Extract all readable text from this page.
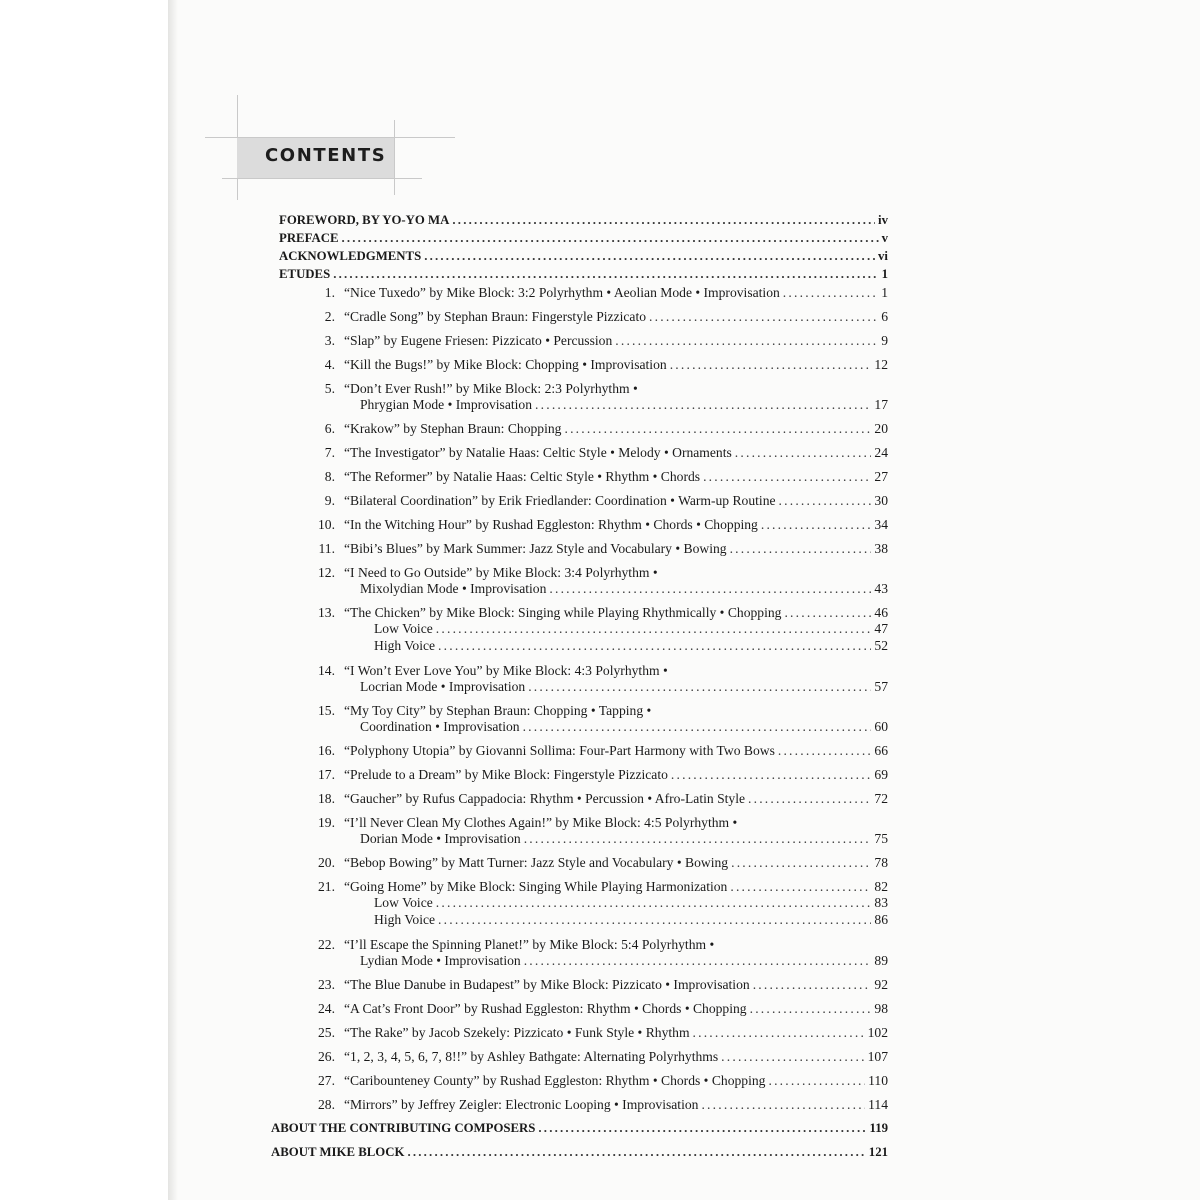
CONTENTS
FOREWORD, BY YO-YO MA .....	iv
PREFACE .....	v
ACKNOWLEDGMENTS .....	vi
ETUDES .....	1
1. “Nice Tuxedo” by Mike Block: 3:2 Polyrhythm • Aeolian Mode • Improvisation .....	1
2. “Cradle Song” by Stephan Braun: Fingerstyle Pizzicato .....	6
3. “Slap” by Eugene Friesen: Pizzicato • Percussion .....	9
4. “Kill the Bugs!” by Mike Block: Chopping • Improvisation .....	12
5. “Don’t Ever Rush!” by Mike Block: 2:3 Polyrhythm •
Phrygian Mode • Improvisation .....	17
6. “Krakow” by Stephan Braun: Chopping .....	20
7. “The Investigator” by Natalie Haas: Celtic Style • Melody • Ornaments .....	24
8. “The Reformer” by Natalie Haas: Celtic Style • Rhythm • Chords .....	27
9. “Bilateral Coordination” by Erik Friedlander: Coordination • Warm-up Routine .....	30
10. “In the Witching Hour” by Rushad Eggleston: Rhythm • Chords • Chopping .....	34
11. “Bibi’s Blues” by Mark Summer: Jazz Style and Vocabulary • Bowing .....	38
12. “I Need to Go Outside” by Mike Block: 3:4 Polyrhythm •
Mixolydian Mode • Improvisation .....	43
13. “The Chicken” by Mike Block: Singing while Playing Rhythmically • Chopping .....	46
Low Voice .....	47
High Voice .....	52
14. “I Won’t Ever Love You” by Mike Block: 4:3 Polyrhythm •
Locrian Mode • Improvisation .....	57
15. “My Toy City” by Stephan Braun: Chopping • Tapping •
Coordination • Improvisation .....	60
16. “Polyphony Utopia” by Giovanni Sollima: Four-Part Harmony with Two Bows .....	66
17. “Prelude to a Dream” by Mike Block: Fingerstyle Pizzicato .....	69
18. “Gaucher” by Rufus Cappadocia: Rhythm • Percussion • Afro-Latin Style .....	72
19. “I’ll Never Clean My Clothes Again!” by Mike Block: 4:5 Polyrhythm •
Dorian Mode • Improvisation .....	75
20. “Bebop Bowing” by Matt Turner: Jazz Style and Vocabulary • Bowing .....	78
21. “Going Home” by Mike Block: Singing While Playing Harmonization .....	82
Low Voice .....	83
High Voice .....	86
22. “I’ll Escape the Spinning Planet!” by Mike Block: 5:4 Polyrhythm •
Lydian Mode • Improvisation .....	89
23. “The Blue Danube in Budapest” by Mike Block: Pizzicato • Improvisation .....	92
24. “A Cat’s Front Door” by Rushad Eggleston: Rhythm • Chords • Chopping .....	98
25. “The Rake” by Jacob Szekely: Pizzicato • Funk Style • Rhythm .....	102
26. “1, 2, 3, 4, 5, 6, 7, 8!!” by Ashley Bathgate: Alternating Polyrhythms .....	107
27. “Caribounteney County” by Rushad Eggleston: Rhythm • Chords • Chopping .....	110
28. “Mirrors” by Jeffrey Zeigler: Electronic Looping • Improvisation .....	114
ABOUT THE CONTRIBUTING COMPOSERS .....	119
ABOUT MIKE BLOCK .....	121
